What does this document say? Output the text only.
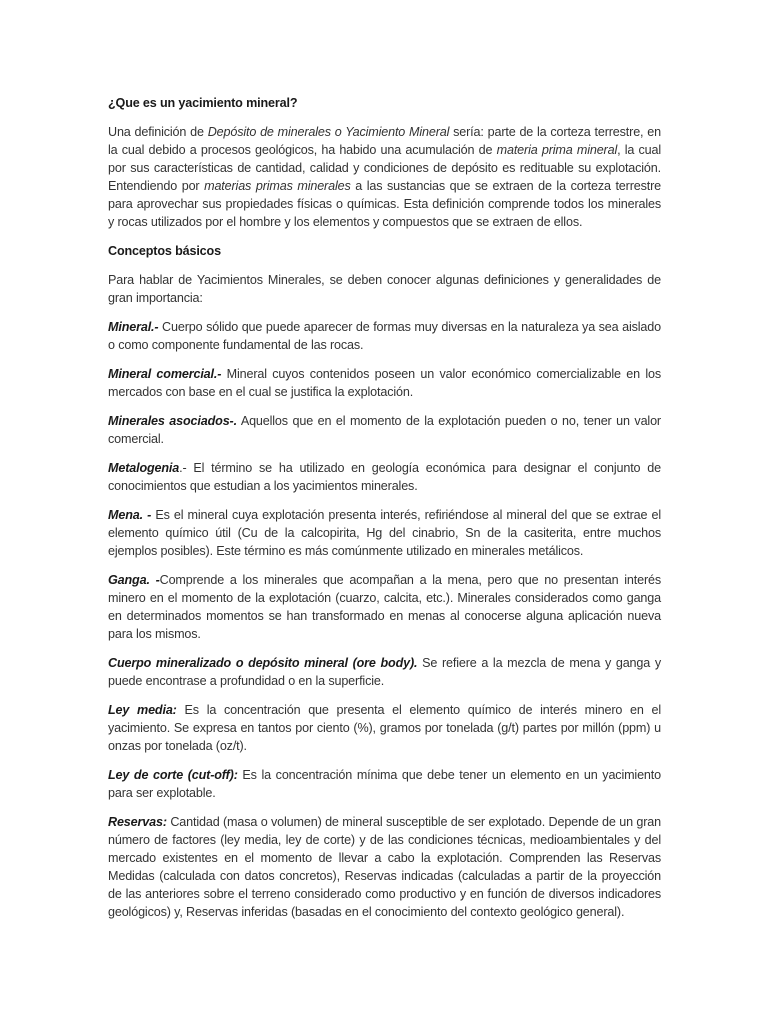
¿Que es un yacimiento mineral?

Una definición de Depósito de minerales o Yacimiento Mineral sería: parte de la corteza terrestre, en la cual debido a procesos geológicos, ha habido una acumulación de materia prima mineral, la cual por sus características de cantidad, calidad y condiciones de depósito es redituable su explotación. Entendiendo por materias primas minerales a las sustancias que se extraen de la corteza terrestre para aprovechar sus propiedades físicas o químicas. Esta definición comprende todos los minerales y rocas utilizados por el hombre y los elementos y compuestos que se extraen de ellos.

Conceptos básicos

Para hablar de Yacimientos Minerales, se deben conocer algunas definiciones y generalidades de gran importancia:

Mineral.- Cuerpo sólido que puede aparecer de formas muy diversas en la naturaleza ya sea aislado o como componente fundamental de las rocas.

Mineral comercial.- Mineral cuyos contenidos poseen un valor económico comercializable en los mercados con base en el cual se justifica la explotación.

Minerales asociados-. Aquellos que en el momento de la explotación pueden o no, tener un valor comercial.

Metalogenia.- El término se ha utilizado en geología económica para designar el conjunto de conocimientos que estudian a los yacimientos minerales.

Mena. - Es el mineral cuya explotación presenta interés, refiriéndose al mineral del que se extrae el elemento químico útil (Cu de la calcopirita, Hg del cinabrio, Sn de la casiterita, entre muchos ejemplos posibles). Este término es más comúnmente utilizado en minerales metálicos.

Ganga. -Comprende a los minerales que acompañan a la mena, pero que no presentan interés minero en el momento de la explotación (cuarzo, calcita, etc.). Minerales considerados como ganga en determinados momentos se han transformado en menas al conocerse alguna aplicación nueva para los mismos.

Cuerpo mineralizado o depósito mineral (ore body). Se refiere a la mezcla de mena y ganga y puede encontrase a profundidad o en la superficie.

Ley media: Es la concentración que presenta el elemento químico de interés minero en el yacimiento. Se expresa en tantos por ciento (%), gramos por tonelada (g/t) partes por millón (ppm) u onzas por tonelada (oz/t).

Ley de corte (cut-off): Es la concentración mínima que debe tener un elemento en un yacimiento para ser explotable.

Reservas: Cantidad (masa o volumen) de mineral susceptible de ser explotado. Depende de un gran número de factores (ley media, ley de corte) y de las condiciones técnicas, medioambientales y del mercado existentes en el momento de llevar a cabo la explotación. Comprenden las Reservas Medidas (calculada con datos concretos), Reservas indicadas (calculadas a partir de la proyección de las anteriores sobre el terreno considerado como productivo y en función de diversos indicadores geológicos) y, Reservas inferidas (basadas en el conocimiento del contexto geológico general).
